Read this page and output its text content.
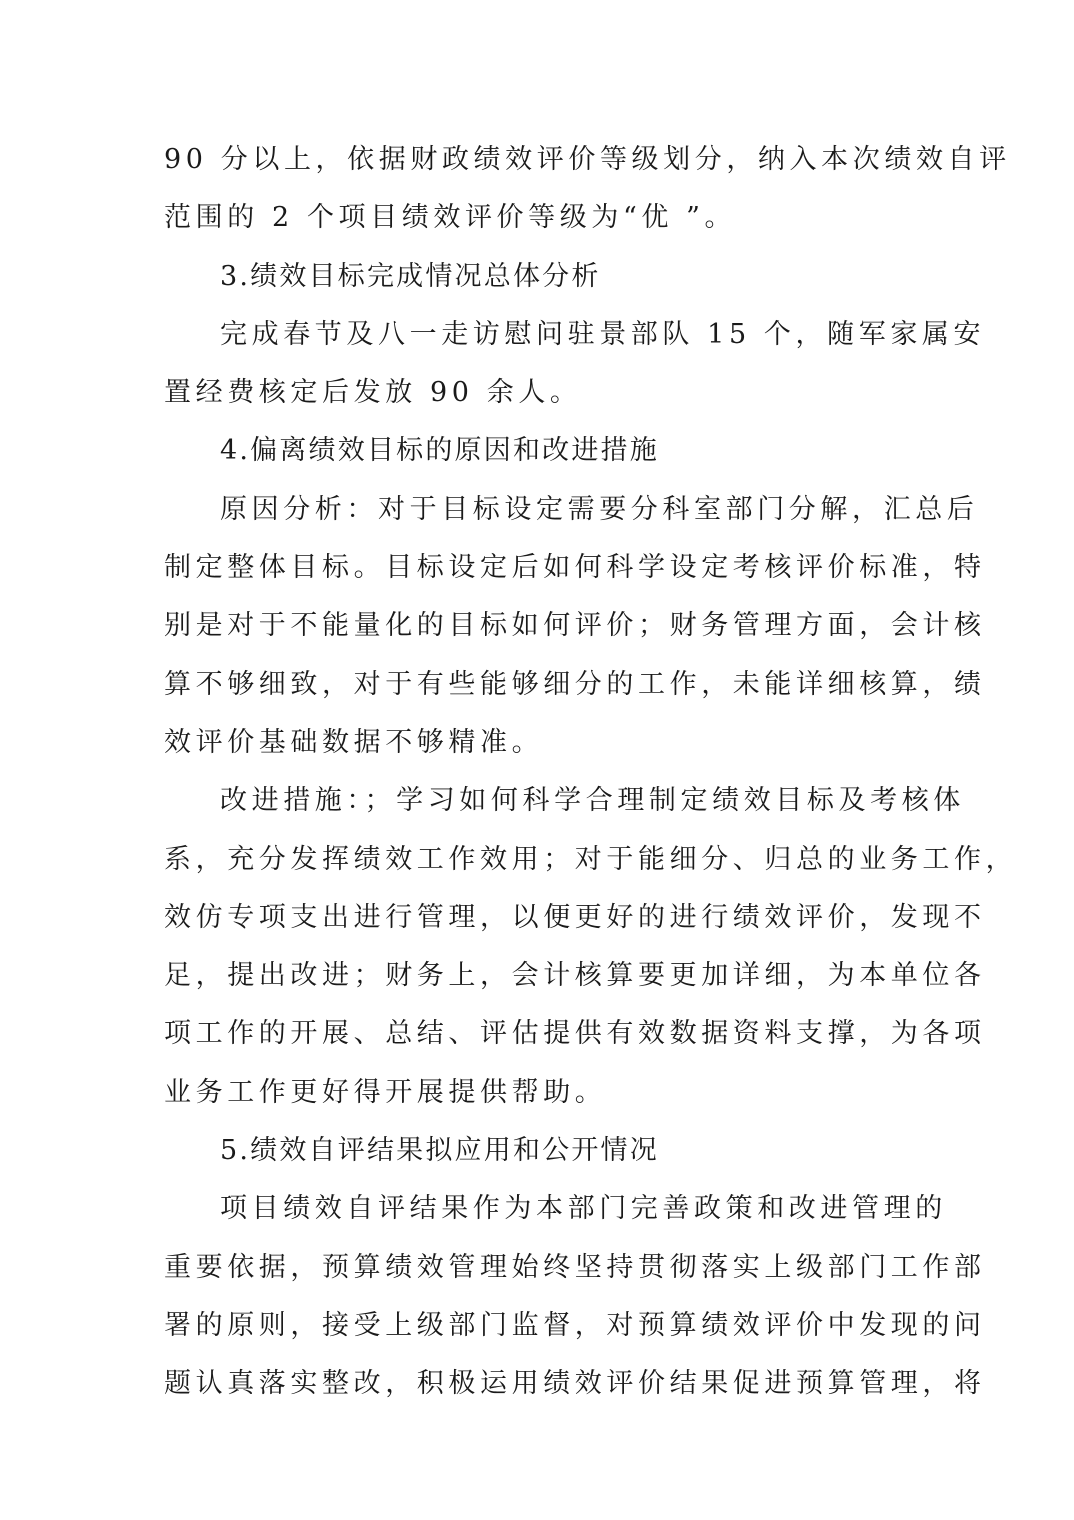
90 分以上，依据财政绩效评价等级划分，纳入本次绩效自评
范围的 2 个项目绩效评价等级为“优 ”。
3.绩效目标完成情况总体分析
完成春节及八一走访慰问驻景部队 15 个，随军家属安
置经费核定后发放 90 余人。
4.偏离绩效目标的原因和改进措施
原因分析：对于目标设定需要分科室部门分解，汇总后
制定整体目标。目标设定后如何科学设定考核评价标准，特
别是对于不能量化的目标如何评价；财务管理方面，会计核
算不够细致，对于有些能够细分的工作，未能详细核算，绩
效评价基础数据不够精准。
改进措施：；学习如何科学合理制定绩效目标及考核体
系，充分发挥绩效工作效用；对于能细分、归总的业务工作，
效仿专项支出进行管理，以便更好的进行绩效评价，发现不
足，提出改进；财务上，会计核算要更加详细，为本单位各
项工作的开展、总结、评估提供有效数据资料支撑，为各项
业务工作更好得开展提供帮助。
5.绩效自评结果拟应用和公开情况
项目绩效自评结果作为本部门完善政策和改进管理的
重要依据，预算绩效管理始终坚持贯彻落实上级部门工作部
署的原则，接受上级部门监督，对预算绩效评价中发现的问
题认真落实整改，积极运用绩效评价结果促进预算管理，将
